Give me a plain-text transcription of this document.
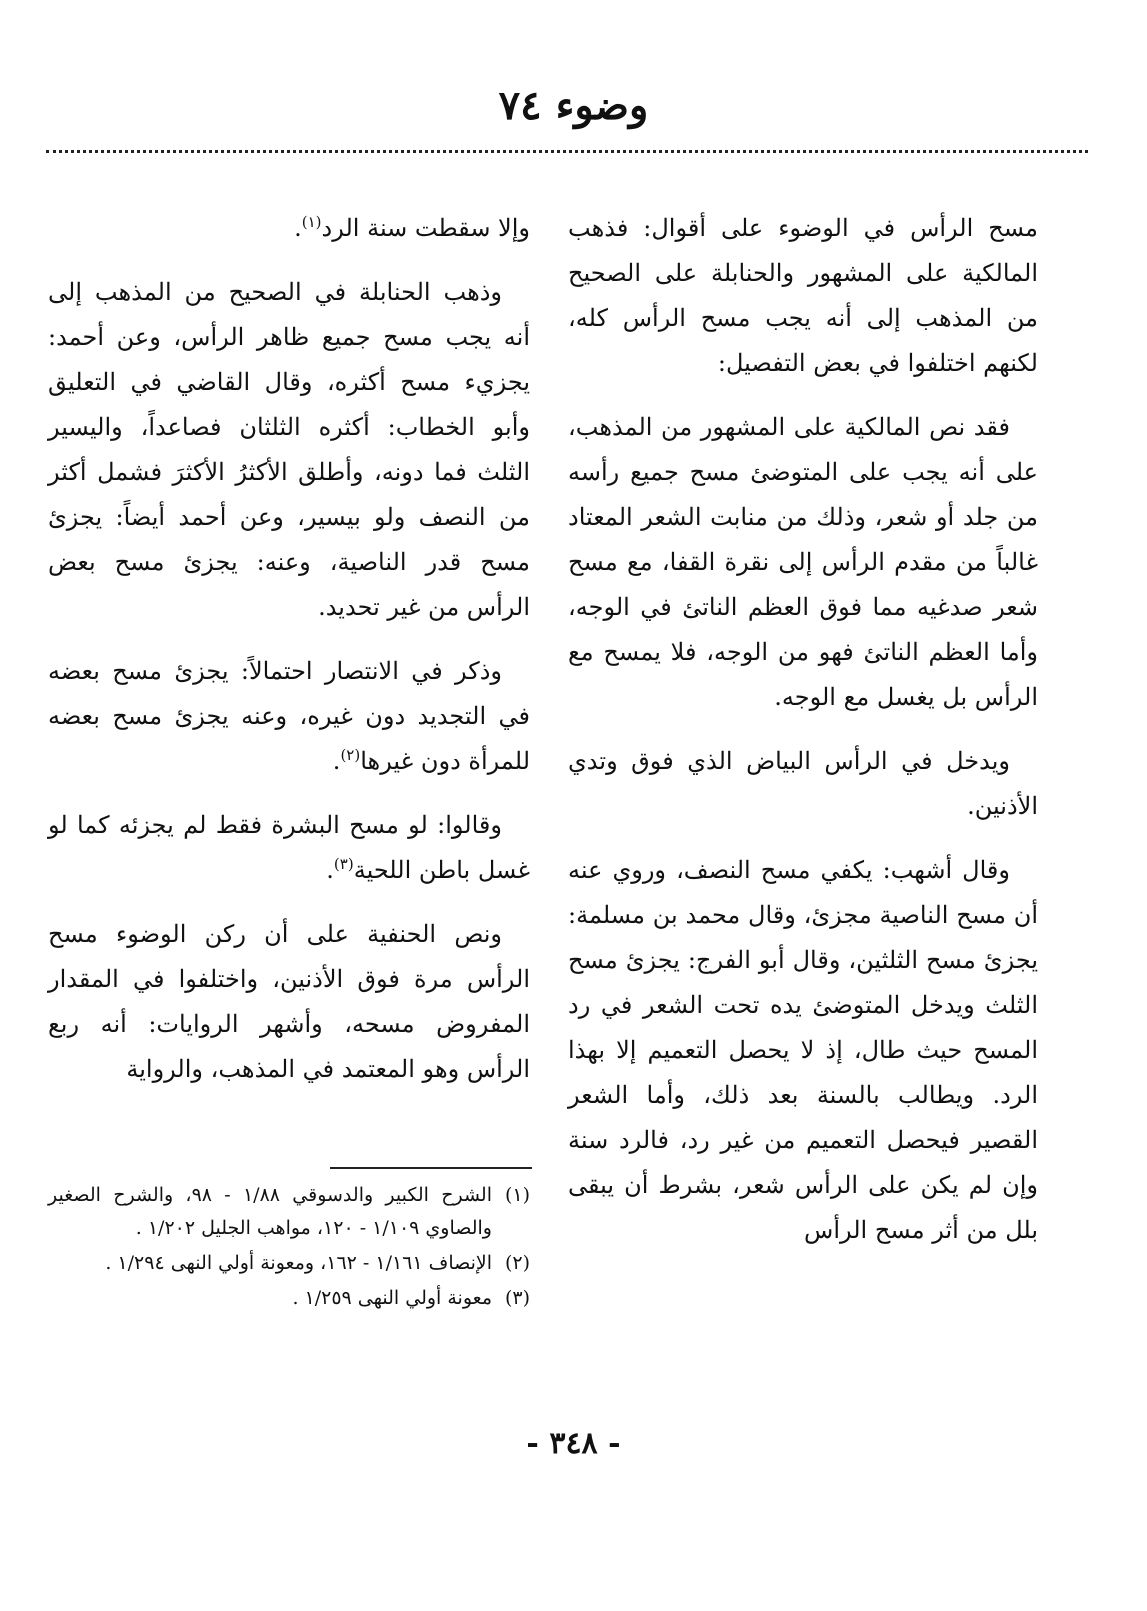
وضوء ٧٤

مسح الرأس في الوضوء على أقوال: فذهب المالكية على المشهور والحنابلة على الصحيح من المذهب إلى أنه يجب مسح الرأس كله، لكنهم اختلفوا في بعض التفصيل:

فقد نص المالكية على المشهور من المذهب، على أنه يجب على المتوضئ مسح جميع رأسه من جلد أو شعر، وذلك من منابت الشعر المعتاد غالباً من مقدم الرأس إلى نقرة القفا، مع مسح شعر صدغيه مما فوق العظم الناتئ في الوجه، وأما العظم الناتئ فهو من الوجه، فلا يمسح مع الرأس بل يغسل مع الوجه.

ويدخل في الرأس البياض الذي فوق وتدي الأذنين.

وقال أشهب: يكفي مسح النصف، وروي عنه أن مسح الناصية مجزئ، وقال محمد بن مسلمة: يجزئ مسح الثلثين، وقال أبو الفرج: يجزئ مسح الثلث ويدخل المتوضئ يده تحت الشعر في رد المسح حيث طال، إذ لا يحصل التعميم إلا بهذا الرد. ويطالب بالسنة بعد ذلك، وأما الشعر القصير فيحصل التعميم من غير رد، فالرد سنة وإن لم يكن على الرأس شعر، بشرط أن يبقى بلل من أثر مسح الرأس

وإلا سقطت سنة الرد$^{(١)}$.

وذهب الحنابلة في الصحيح من المذهب إلى أنه يجب مسح جميع ظاهر الرأس، وعن أحمد: يجزيء مسح أكثره، وقال القاضي في التعليق وأبو الخطاب: أكثره الثلثان فصاعداً، واليسير الثلث فما دونه، وأطلق الأكثرُ الأكثرَ فشمل أكثر من النصف ولو بيسير، وعن أحمد أيضاً: يجزئ مسح قدر الناصية، وعنه: يجزئ مسح بعض الرأس من غير تحديد.

وذكر في الانتصار احتمالاً: يجزئ مسح بعضه في التجديد دون غيره، وعنه يجزئ مسح بعضه للمرأة دون غيرها$^{(٢)}$.

وقالوا: لو مسح البشرة فقط لم يجزئه كما لو غسل باطن اللحية$^{(٣)}$.

ونص الحنفية على أن ركن الوضوء مسح الرأس مرة فوق الأذنين، واختلفوا في المقدار المفروض مسحه، وأشهر الروايات: أنه ربع الرأس وهو المعتمد في المذهب، والرواية

(١)
الشرح الكبير والدسوقي ١/٨٨ - ٩٨، والشرح الصغير والصاوي ١/١٠٩ - ١٢٠، مواهب الجليل ١/٢٠٢ .
(٢)
الإنصاف ١/١٦١ - ١٦٢، ومعونة أولي النهى ١/٢٩٤ .
(٣)
معونة أولي النهى ١/٢٥٩ .
- ٣٤٨ -
